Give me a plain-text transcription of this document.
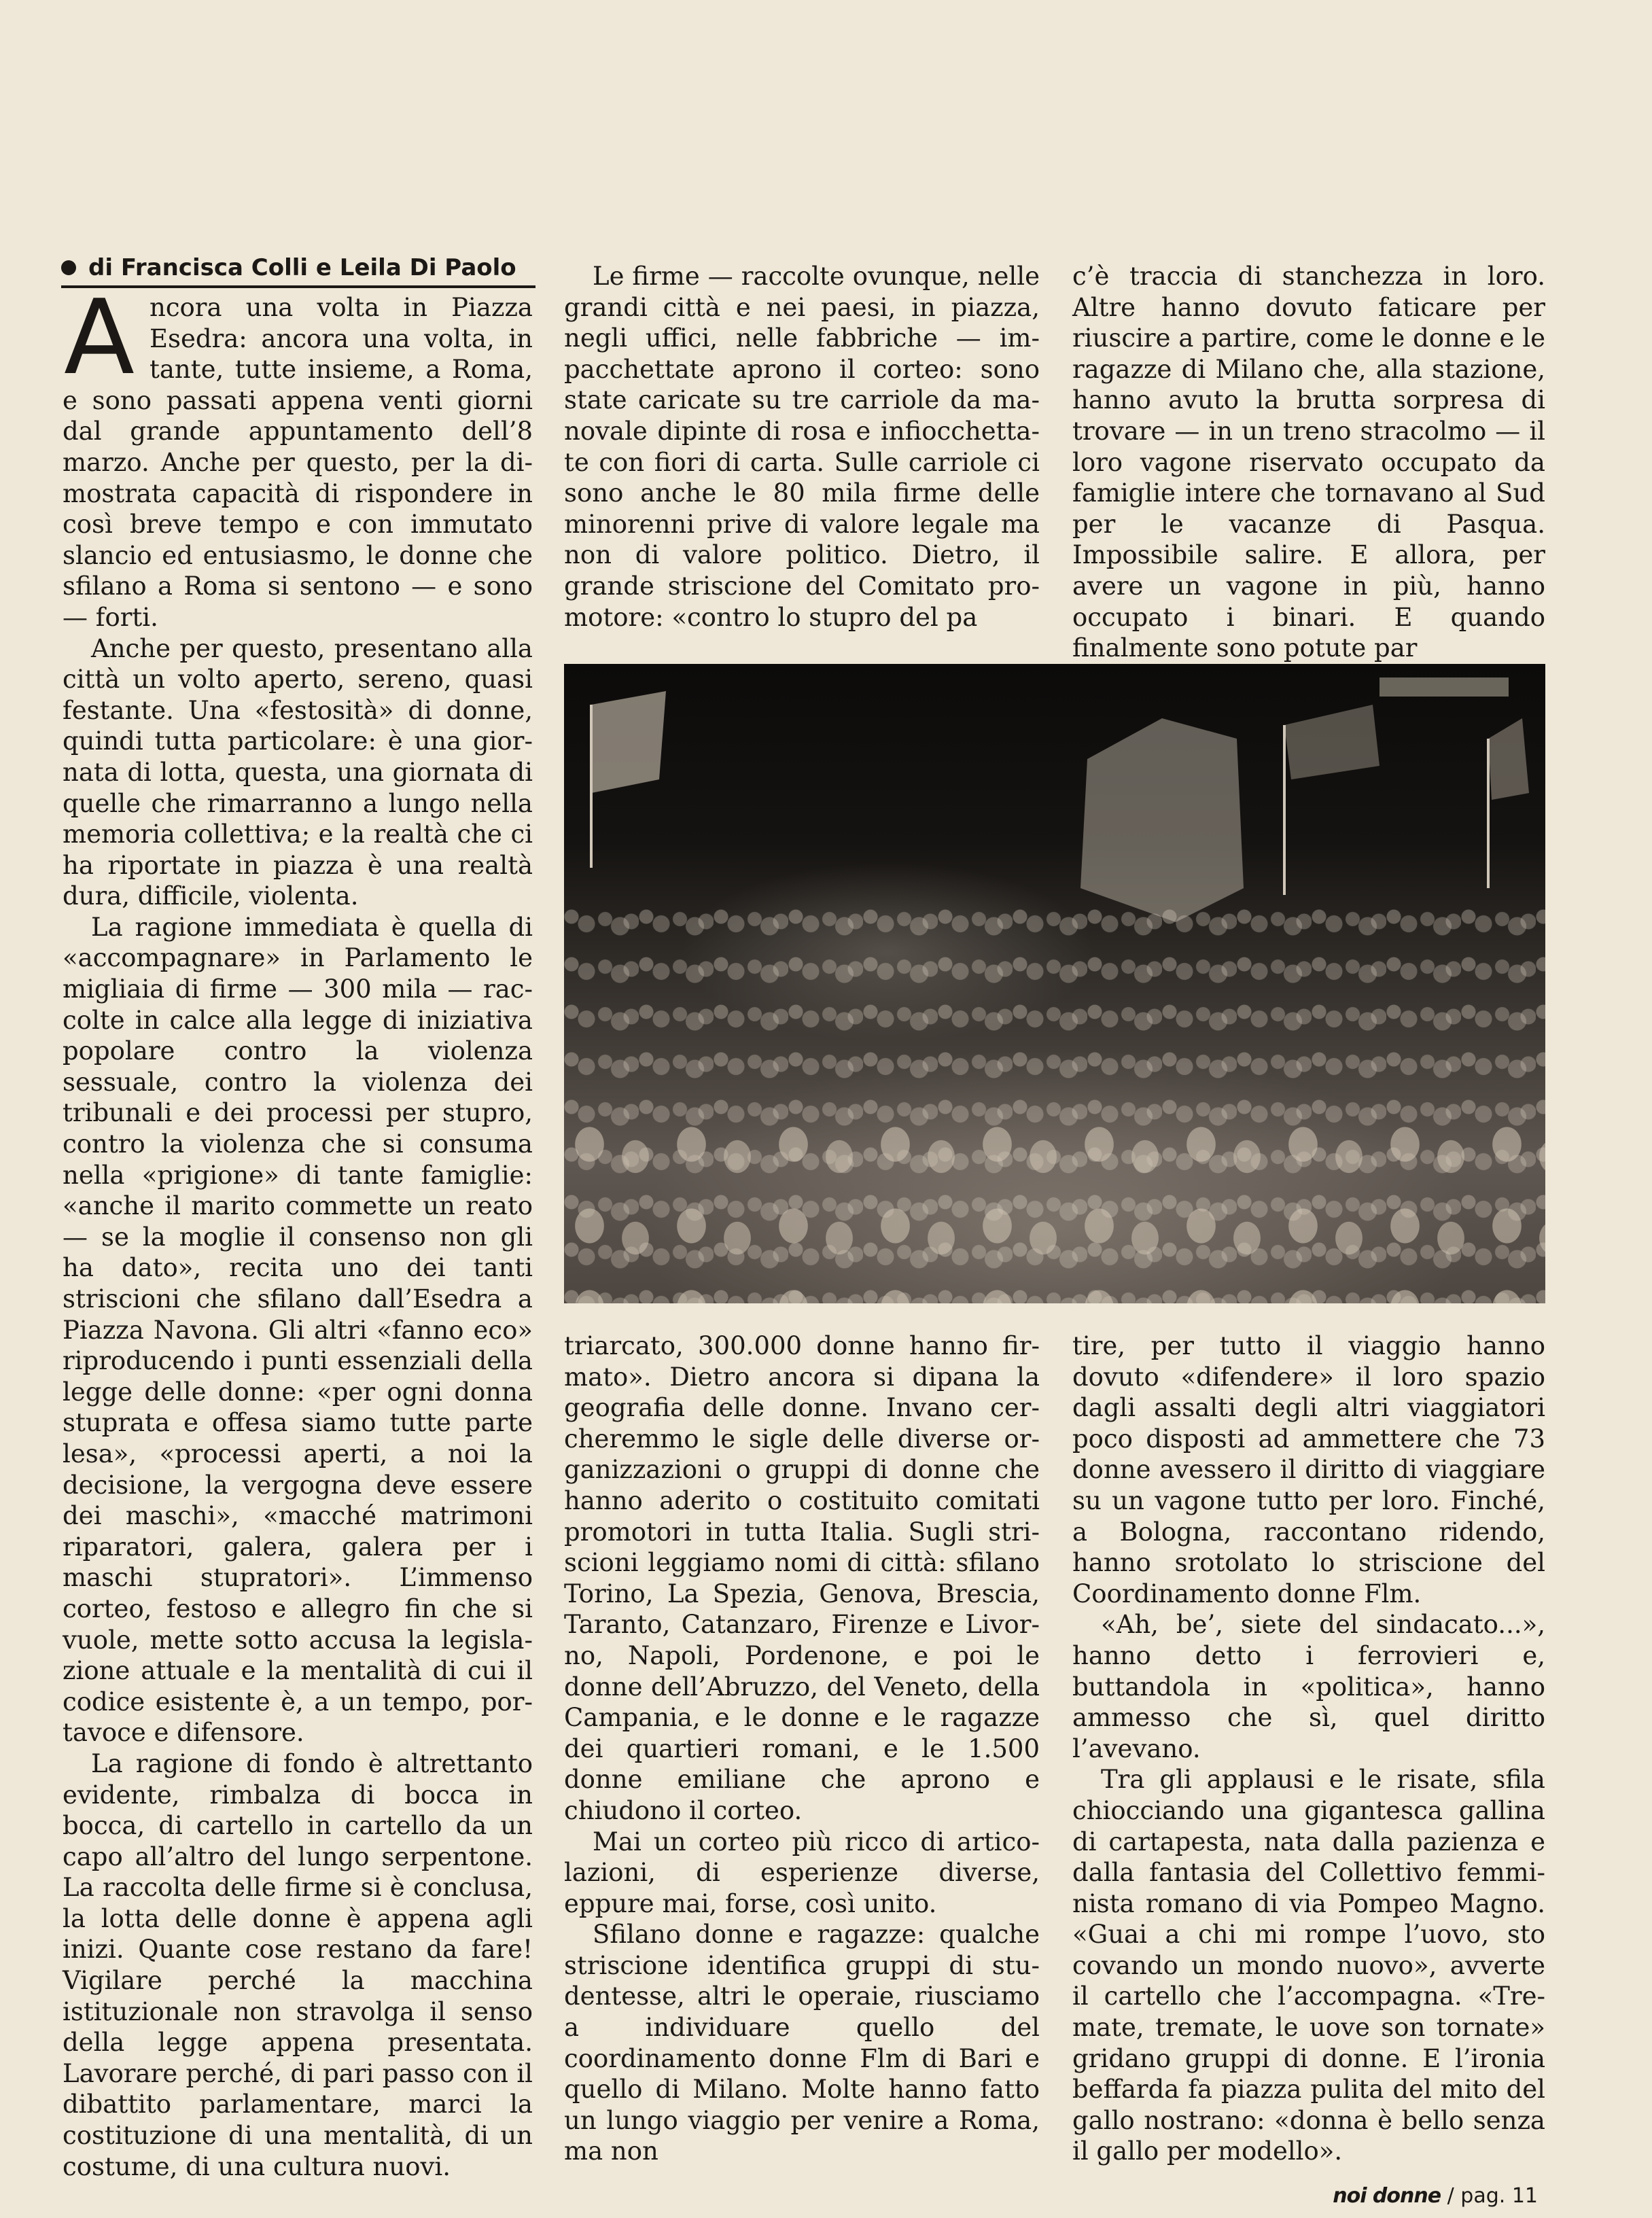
di Francisca Colli e Leila Di Paolo

Ancora una volta in Piazza Esedra: ancora una volta, in tante, tutte insieme, a Roma, e sono passati appena venti giorni dal grande appuntamento dell’8 marzo. Anche per questo, per la dimostrata capacità di rispondere in così breve tempo e con immutato slancio ed entusiasmo, le donne che sfilano a Roma si sentono — e sono — forti.

Anche per questo, presentano alla città un volto aperto, sereno, quasi festante. Una «festosità» di donne, quindi tutta particolare: è una giornata di lotta, questa, una giornata di quelle che rimarranno a lungo nella memoria collettiva; e la realtà che ci ha riportate in piazza è una realtà dura, difficile, violenta.

La ragione immediata è quella di «accompagnare» in Parlamento le migliaia di firme — 300 mila — raccolte in calce alla legge di iniziativa popolare contro la violenza sessuale, contro la violenza dei tribunali e dei processi per stupro, contro la violenza che si consuma nella «prigione» di tante famiglie: «anche il marito commette un reato — se la moglie il consenso non gli ha dato», recita uno dei tanti striscioni che sfilano dall’Esedra a Piazza Navona. Gli altri «fanno eco» riproducendo i punti essenziali della legge delle donne: «per ogni donna stuprata e offesa siamo tutte parte lesa», «processi aperti, a noi la decisione, la vergogna deve essere dei maschi», «macché matrimoni riparatori, galera, galera per i maschi stupratori». L’immenso corteo, festoso e allegro fin che si vuole, mette sotto accusa la legislazione attuale e la mentalità di cui il codice esistente è, a un tempo, portavoce e difensore.

La ragione di fondo è altrettanto evidente, rimbalza di bocca in bocca, di cartello in cartello da un capo all’altro del lungo serpentone. La raccolta delle firme si è conclusa, la lotta delle donne è appena agli inizi. Quante cose restano da fare! Vigilare perché la macchina istituzionale non stravolga il senso della legge appena presentata. Lavorare perché, di pari passo con il dibattito parlamentare, marci la costituzione di una mentalità, di un costume, di una cultura nuovi.

Le firme — raccolte ovunque, nelle grandi città e nei paesi, in piazza, negli uffici, nelle fabbriche — impacchettate aprono il corteo: sono state caricate su tre carriole da manovale dipinte di rosa e infiocchettate con fiori di carta. Sulle carriole ci sono anche le 80 mila firme delle minorenni prive di valore legale ma non di valore politico. Dietro, il grande striscione del Comitato promotore: «contro lo stupro del pa

c’è traccia di stanchezza in loro. Altre hanno dovuto faticare per riuscire a partire, come le donne e le ragazze di Milano che, alla stazione, hanno avuto la brutta sorpresa di trovare — in un treno stracolmo — il loro vagone riservato occupato da famiglie intere che tornavano al Sud per le vacanze di Pasqua. Impossibile salire. E allora, per avere un vagone in più, hanno occupato i binari. E quando finalmente sono potute par

triarcato, 300.000 donne hanno firmato». Dietro ancora si dipana la geografia delle donne. Invano cercheremmo le sigle delle diverse organizzazioni o gruppi di donne che hanno aderito o costituito comitati promotori in tutta Italia. Sugli striscioni leggiamo nomi di città: sfilano Torino, La Spezia, Genova, Brescia, Taranto, Catanzaro, Firenze e Livorno, Napoli, Pordenone, e poi le donne dell’Abruzzo, del Veneto, della Campania, e le donne e le ragazze dei quartieri romani, e le 1.500 donne emiliane che aprono e chiudono il corteo.

Mai un corteo più ricco di articolazioni, di esperienze diverse, eppure mai, forse, così unito.

Sfilano donne e ragazze: qualche striscione identifica gruppi di studentesse, altri le operaie, riusciamo a individuare quello del coordinamento donne Flm di Bari e quello di Milano. Molte hanno fatto un lungo viaggio per venire a Roma, ma non

tire, per tutto il viaggio hanno dovuto «difendere» il loro spazio dagli assalti degli altri viaggiatori poco disposti ad ammettere che 73 donne avessero il diritto di viaggiare su un vagone tutto per loro. Finché, a Bologna, raccontano ridendo, hanno srotolato lo striscione del Coordinamento donne Flm.

«Ah, be’, siete del sindacato...», hanno detto i ferrovieri e, buttandola in «politica», hanno ammesso che sì, quel diritto l’avevano.

Tra gli applausi e le risate, sfila chiocciando una gigantesca gallina di cartapesta, nata dalla pazienza e dalla fantasia del Collettivo femminista romano di via Pompeo Magno. «Guai a chi mi rompe l’uovo, sto covando un mondo nuovo», avverte il cartello che l’accompagna. «Tremate, tremate, le uove son tornate» gridano gruppi di donne. E l’ironia beffarda fa piazza pulita del mito del gallo nostrano: «donna è bello senza il gallo per modello».

noi donne / pag. 11
